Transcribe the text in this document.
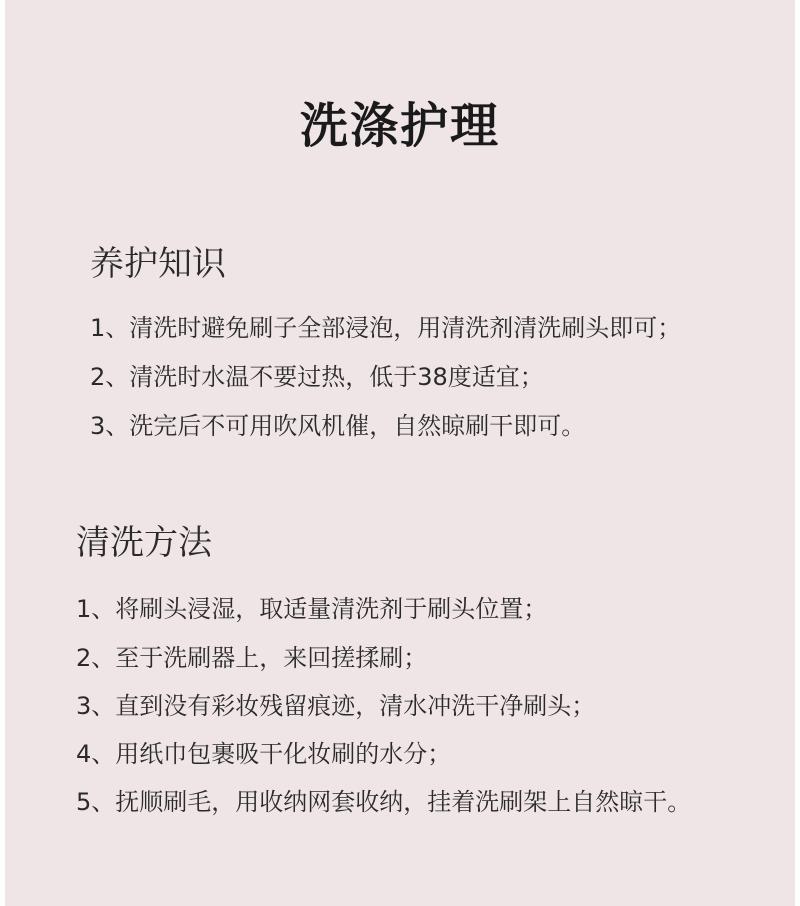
洗涤护理
养护知识
1、清洗时避免刷子全部浸泡，用清洗剂清洗刷头即可；
2、清洗时水温不要过热，低于38度适宜；
3、洗完后不可用吹风机催，自然晾刷干即可。
清洗方法
1、将刷头浸湿，取适量清洗剂于刷头位置；
2、至于洗刷器上，来回搓揉刷；
3、直到没有彩妆残留痕迹，清水冲洗干净刷头；
4、用纸巾包裹吸干化妆刷的水分；
5、抚顺刷毛，用收纳网套收纳，挂着洗刷架上自然晾干。
